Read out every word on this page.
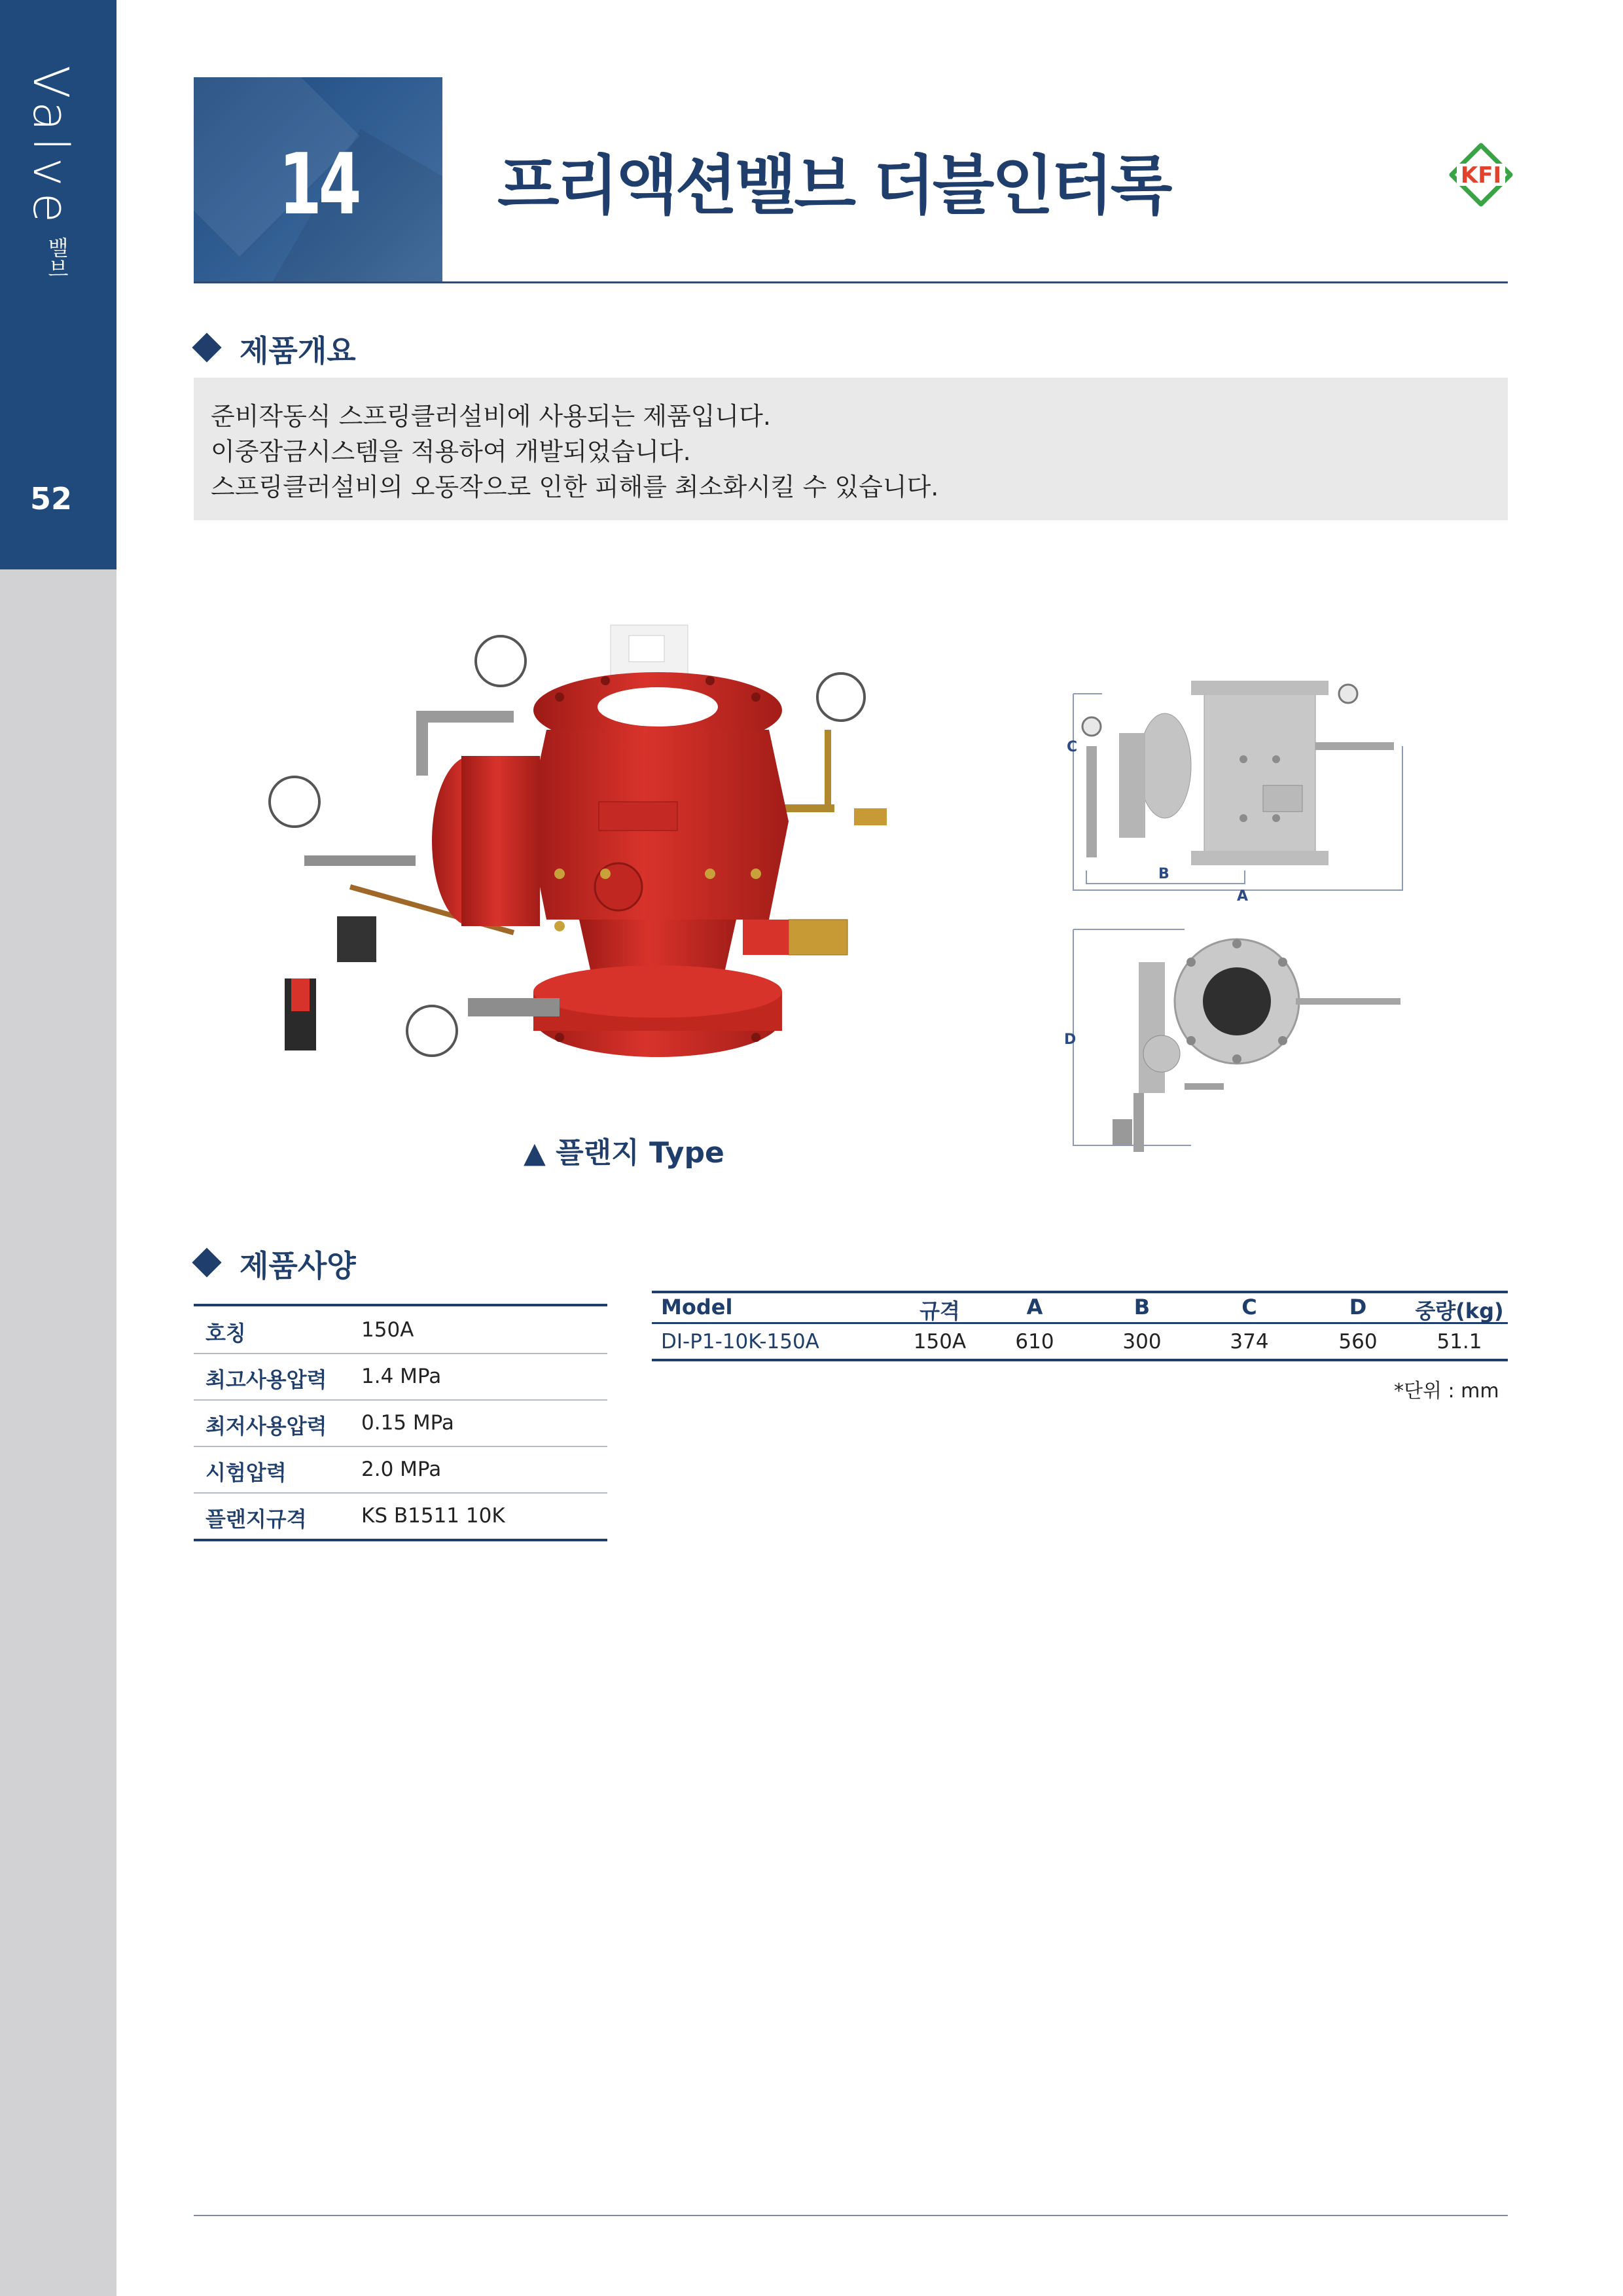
Valve
밸브
52
14 프리액션밸브 더블인터록	KFI
제품개요
준비작동식 스프링클러설비에 사용되는 제품입니다.
이중잠금시스템을 적용하여 개발되었습니다.
스프링클러설비의 오동작으로 인한 피해를 최소화시킬 수 있습니다.
▲ 플랜지 Type
C
B
A
D
제품사양
호칭	150A
최고사용압력 1.4 MPa
최저사용압력 0.15 MPa
시험압력	2.0 MPa
플랜지규격	KS B1511 10K
Model	규격	A	B	C	D	중량(kg)
DI-P1-10K-150A	150A	610	300	374	560	51.1
*단위 : mm
